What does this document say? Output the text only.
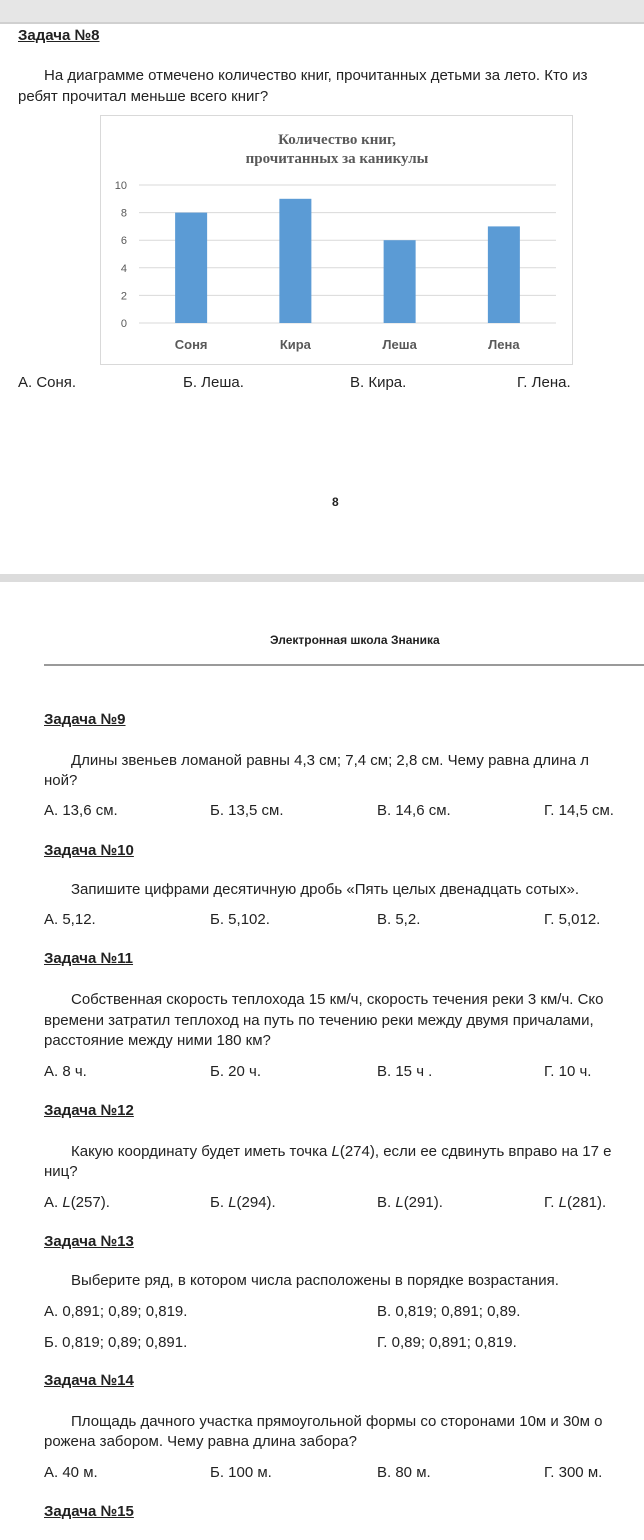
Задача №8
На диаграмме отмечено количество книг, прочитанных детьми за лето. Кто из
ребят прочитал меньше всего книг?
Количество книг,
прочитанных за каникулы
0
2
4
6
8
10
Соня	Кира	Леша	Лена
А. Соня.	Б. Леша.	В. Кира.	Г. Лена.
8
Электронная школа Знаника
Задача №9
Длины звеньев ломаной равны 4,3 см; 7,4 см; 2,8 см. Чему равна длина л
ной?
А. 13,6 см.	Б. 13,5 см.	В. 14,6 см.	Г. 14,5 см.
Задача №10
Запишите цифрами десятичную дробь «Пять целых двенадцать сотых».
А. 5,12.	Б. 5,102.	В. 5,2.	Г. 5,012.
Задача №11
Собственная скорость теплохода 15 км/ч, скорость течения реки 3 км/ч. Ско
времени затратил теплоход на путь по течению реки между двумя причалами,
расстояние между ними 180 км?
А. 8 ч.	Б. 20 ч.	В. 15 ч .	Г. 10 ч.
Задача №12
Какую координату будет иметь точка L(274), если ее сдвинуть вправо на 17 е
ниц?
А. L(257).	Б. L(294).	В. L(291).	Г. L(281).
Задача №13
Выберите ряд, в котором числа расположены в порядке возрастания.
А. 0,891; 0,89; 0,819.	В. 0,819; 0,891; 0,89.
Б. 0,819; 0,89; 0,891.	Г. 0,89; 0,891; 0,819.
Задача №14
Площадь дачного участка прямоугольной формы со сторонами 10м и 30м о
рожена забором. Чему равна длина забора?
А. 40 м.	Б. 100 м.	В. 80 м.	Г. 300 м.
Задача №15
